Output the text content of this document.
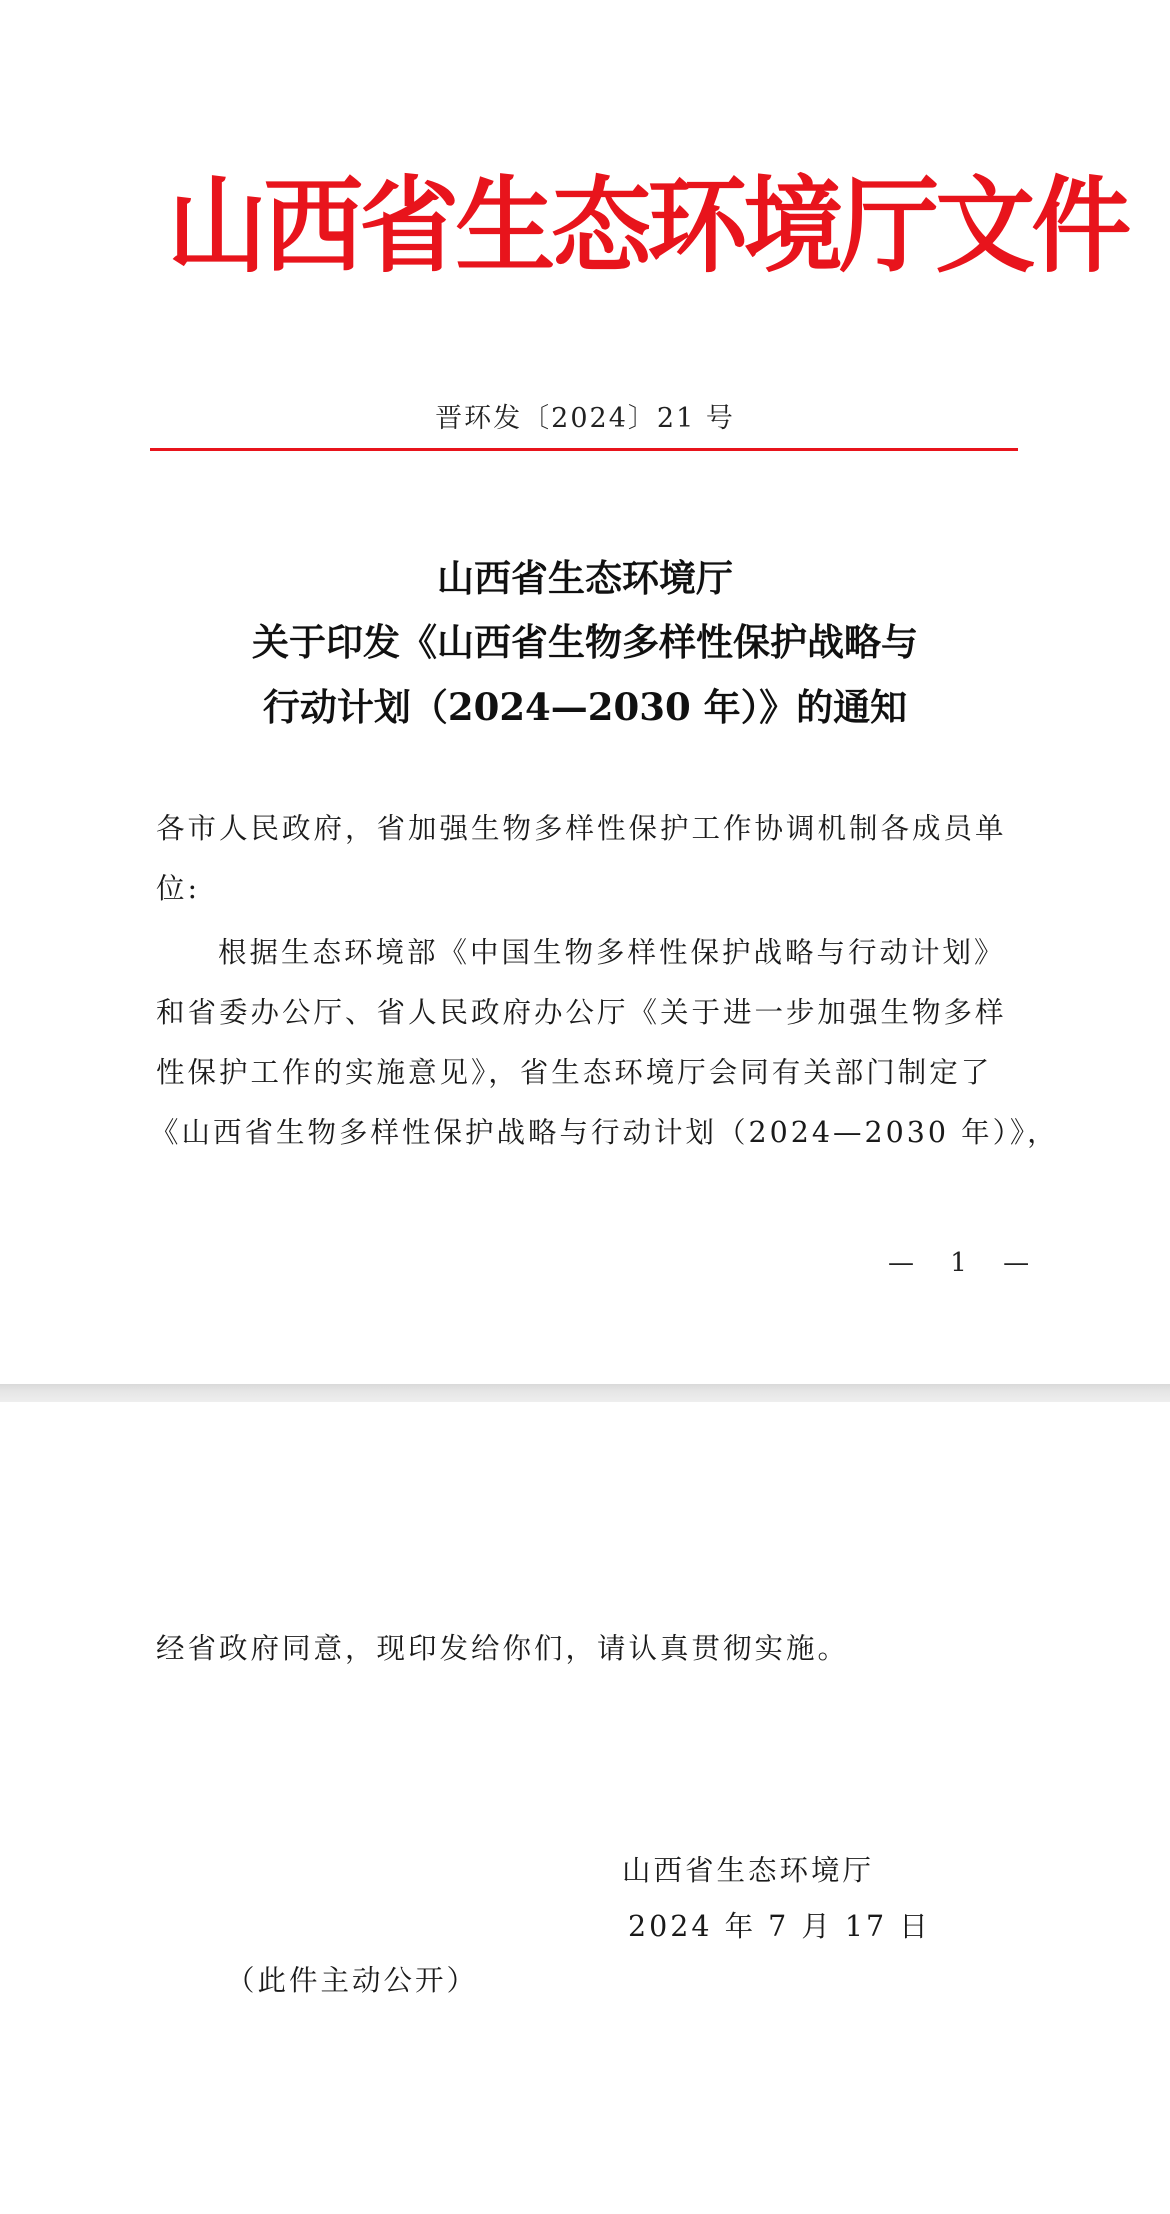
山西省生态环境厅文件
晋环发〔2024〕21 号
山西省生态环境厅
关于印发《山西省生物多样性保护战略与
行动计划（2024—2030 年）》的通知
各市人民政府，省加强生物多样性保护工作协调机制各成员单
位:
根据生态环境部《中国生物多样性保护战略与行动计划》
和省委办公厅、省人民政府办公厅《关于进一步加强生物多样
性保护工作的实施意见》，省生态环境厅会同有关部门制定了
《山西省生物多样性保护战略与行动计划（2024—2030 年）》，
— 1 —
经省政府同意，现印发给你们，请认真贯彻实施。
山西省生态环境厅
2024 年 7 月 17 日
（此件主动公开）
